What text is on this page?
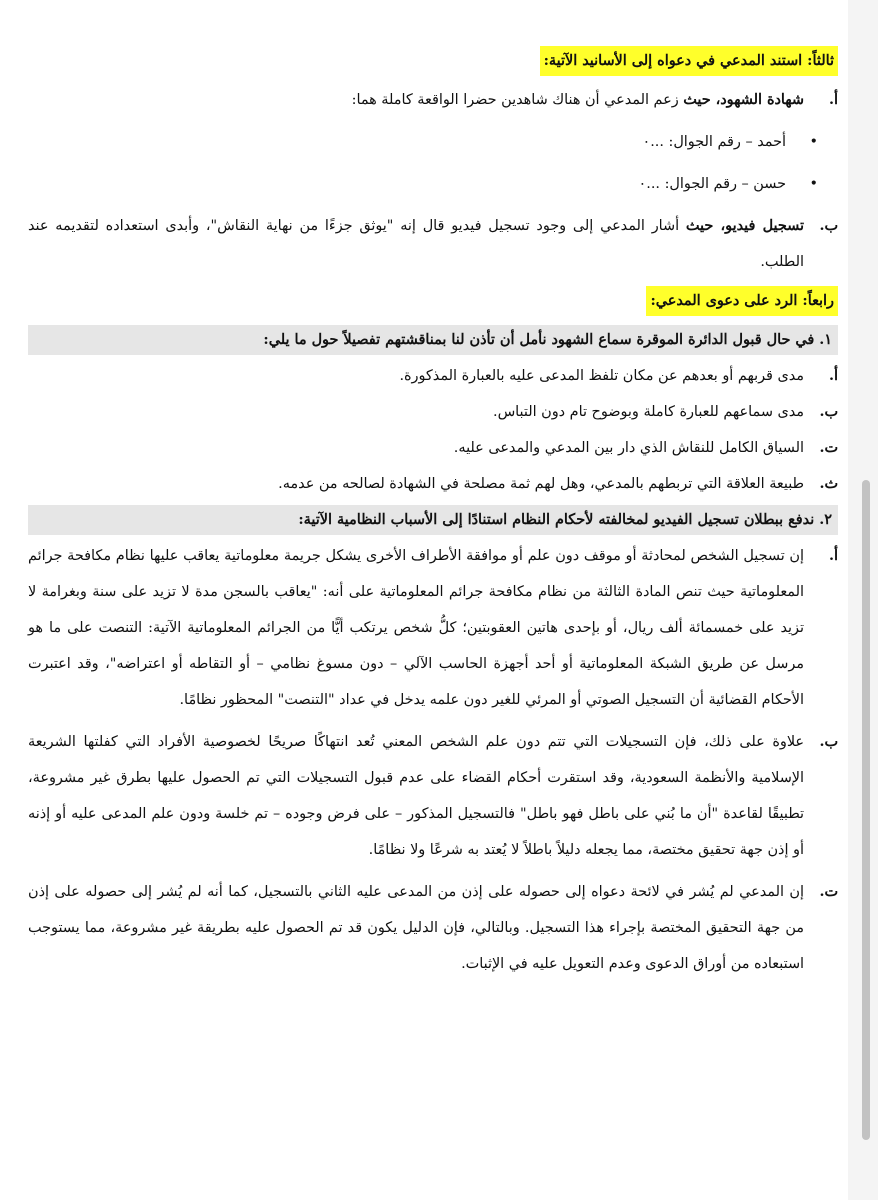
ثالثاً: استند المدعي في دعواه إلى الأسانيد الآتية:
أ.
شهادة الشهود، حيث زعم المدعي أن هناك شاهدين حضرا الواقعة كاملة هما:
•
أحمد – رقم الجوال: ...٠
•
حسن – رقم الجوال: ...٠
ب.
تسجيل فيديو، حيث أشار المدعي إلى وجود تسجيل فيديو قال إنه "يوثق جزءًا من نهاية النقاش"، وأبدى استعداده لتقديمه عند الطلب.
رابعاً: الرد على دعوى المدعي:
١. في حال قبول الدائرة الموقرة سماع الشهود نأمل أن تأذن لنا بمناقشتهم تفصيلاً حول ما يلي:
أ.
مدى قربهم أو بعدهم عن مكان تلفظ المدعى عليه بالعبارة المذكورة.
ب.
مدى سماعهم للعبارة كاملة وبوضوح تام دون التباس.
ت.
السياق الكامل للنقاش الذي دار بين المدعي والمدعى عليه.
ث.
طبيعة العلاقة التي تربطهم بالمدعي، وهل لهم ثمة مصلحة في الشهادة لصالحه من عدمه.
٢. ندفع ببطلان تسجيل الفيديو لمخالفته لأحكام النظام استنادًا إلى الأسباب النظامية الآتية:
أ.
إن تسجيل الشخص لمحادثة أو موقف دون علم أو موافقة الأطراف الأخرى يشكل جريمة معلوماتية يعاقب عليها نظام مكافحة جرائم المعلوماتية حيث تنص المادة الثالثة من نظام مكافحة جرائم المعلوماتية على أنه: "يعاقب بالسجن مدة لا تزيد على سنة وبغرامة لا تزيد على خمسمائة ألف ريال، أو بإحدى هاتين العقوبتين؛ كلُّ شخص يرتكب أيًّا من الجرائم المعلوماتية الآتية: التنصت على ما هو مرسل عن طريق الشبكة المعلوماتية أو أحد أجهزة الحاسب الآلي – دون مسوغ نظامي – أو التقاطه أو اعتراضه"، وقد اعتبرت الأحكام القضائية أن التسجيل الصوتي أو المرئي للغير دون علمه يدخل في عداد "التنصت" المحظور نظامًا.
ب.
علاوة على ذلك، فإن التسجيلات التي تتم دون علم الشخص المعني تُعد انتهاكًا صريحًا لخصوصية الأفراد التي كفلتها الشريعة الإسلامية والأنظمة السعودية، وقد استقرت أحكام القضاء على عدم قبول التسجيلات التي تم الحصول عليها بطرق غير مشروعة، تطبيقًا لقاعدة "أن ما بُني على باطل فهو باطل" فالتسجيل المذكور – على فرض وجوده – تم خلسة ودون علم المدعى عليه أو إذنه أو إذن جهة تحقيق مختصة، مما يجعله دليلاً باطلاً لا يُعتد به شرعًا ولا نظامًا.
ت.
إن المدعي لم يُشر في لائحة دعواه إلى حصوله على إذن من المدعى عليه الثاني بالتسجيل، كما أنه لم يُشر إلى حصوله على إذن من جهة التحقيق المختصة بإجراء هذا التسجيل. وبالتالي، فإن الدليل يكون قد تم الحصول عليه بطريقة غير مشروعة، مما يستوجب استبعاده من أوراق الدعوى وعدم التعويل عليه في الإثبات.
